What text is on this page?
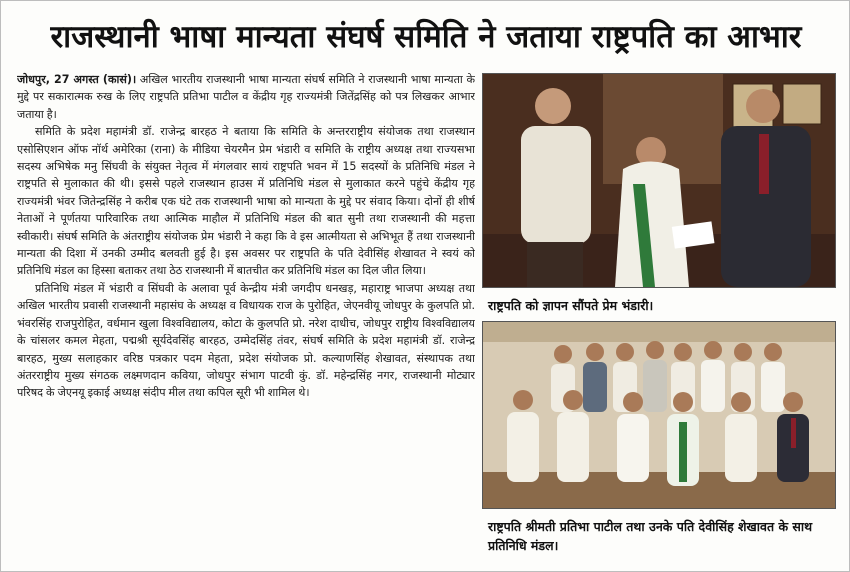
राजस्थानी भाषा मान्यता संघर्ष समिति ने जताया राष्ट्रपति का आभार

जोधपुर, 27 अगस्त (कासं)। अखिल भारतीय राजस्थानी भाषा मान्यता संघर्ष समिति ने राजस्थानी भाषा मान्यता के मुद्दे पर सकारात्मक रुख के लिए राष्ट्रपति प्रतिभा पाटील व केंद्रीय गृह राज्यमंत्री जितेंद्रसिंह को पत्र लिखकर आभार जताया है।

समिति के प्रदेश महामंत्री डॉ. राजेन्द्र बारहठ ने बताया कि समिति के अन्तरराष्ट्रीय संयोजक तथा राजस्थान एसोसिएशन ऑफ नॉर्थ अमेरिका (राना) के मीडिया चेयरमैन प्रेम भंडारी व समिति के राष्ट्रीय अध्यक्ष तथा राज्यसभा सदस्य अभिषेक मनु सिंघवी के संयुक्त नेतृत्व में मंगलवार सायं राष्ट्रपति भवन में 15 सदस्यों के प्रतिनिधि मंडल ने राष्ट्रपति से मुलाकात की थी। इससे पहले राजस्थान हाउस में प्रतिनिधि मंडल से मुलाकात करने पहुंचे केंद्रीय गृह राज्यमंत्री भंवर जितेन्द्रसिंह ने करीब एक घंटे तक राजस्थानी भाषा को मान्यता के मुद्दे पर संवाद किया। दोनों ही शीर्ष नेताओं ने पूर्णतया पारिवारिक तथा आत्मिक माहौल में प्रतिनिधि मंडल की बात सुनी तथा राजस्थानी की महत्ता स्वीकारी। संघर्ष समिति के अंतराष्ट्रीय संयोजक प्रेम भंडारी ने कहा कि वे इस आत्मीयता से अभिभूत हैं तथा राजस्थानी मान्यता की दिशा में उनकी उम्मीद बलवती हुई है। इस अवसर पर राष्ट्रपति के पति देवीसिंह शेखावत ने स्वयं को प्रतिनिधि मंडल का हिस्सा बताकर तथा ठेठ राजस्थानी में बातचीत कर प्रतिनिधि मंडल का दिल जीत लिया।

प्रतिनिधि मंडल में भंडारी व सिंघवी के अलावा पूर्व केन्द्रीय मंत्री जगदीप धनखड़, महाराष्ट्र भाजपा अध्यक्ष तथा अखिल भारतीय प्रवासी राजस्थानी महासंघ के अध्यक्ष व विधायक राज के पुरोहित, जेएनवीयू जोधपुर के कुलपति प्रो. भंवरसिंह राजपुरोहित, वर्धमान खुला विश्वविद्यालय, कोटा के कुलपति प्रो. नरेश दाधीच, जोधपुर राष्ट्रीय विश्वविद्यालय के चांसलर कमल मेहता, पद्मश्री सूर्यदेवसिंह बारहठ, उम्मेदसिंह तंवर, संघर्ष समिति के प्रदेश महामंत्री डॉ. राजेन्द्र बारहठ, मुख्य सलाहकार वरिष्ठ पत्रकार पदम मेहता, प्रदेश संयोजक प्रो. कल्याणसिंह शेखावत, संस्थापक तथा अंतरराष्ट्रीय मुख्य संगठक लक्ष्मणदान कविया, जोधपुर संभाग पाटवी कुं. डॉ. महेन्द्रसिंह नगर, राजस्थानी मोट्यार परिषद के जेएनयू इकाई अध्यक्ष संदीप मील तथा कपिल सूरी भी शामिल थे।

राष्ट्रपति को ज्ञापन सौंपते प्रेम भंडारी।
राष्ट्रपति श्रीमती प्रतिभा पाटील तथा उनके पति देवीसिंह शेखावत के साथ प्रतिनिधि मंडल।
